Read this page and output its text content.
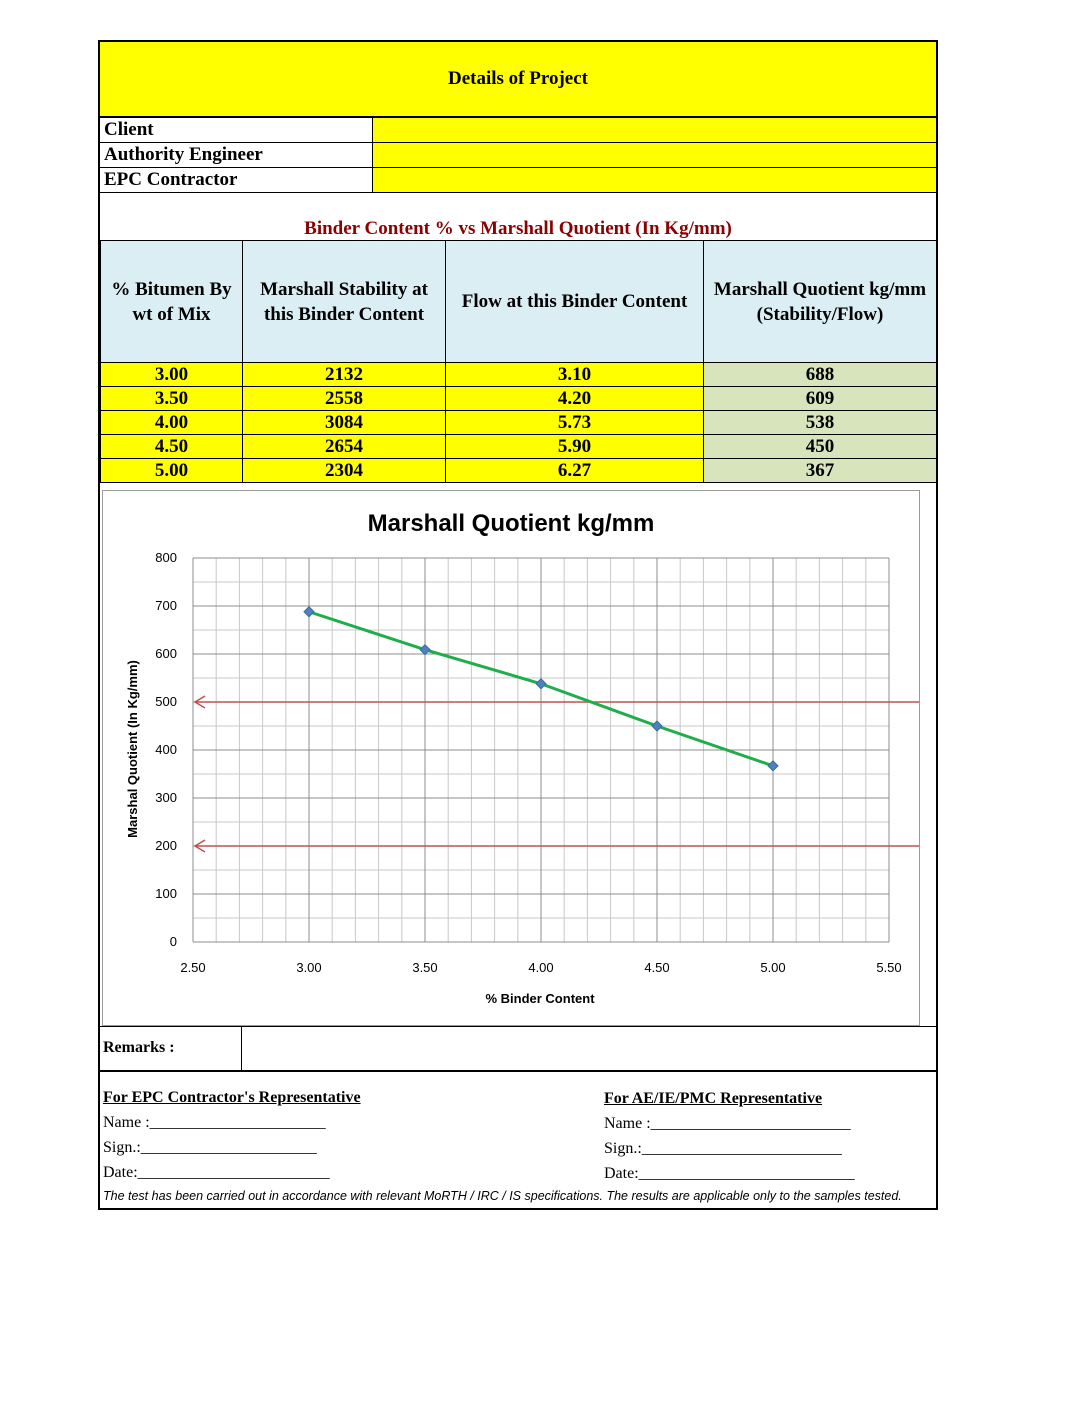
Details of Project
Client
Authority Engineer
EPC Contractor
Binder Content % vs Marshall Quotient (In Kg/mm)
% Bitumen By wt of Mix	Marshall Stability at this Binder Content	Flow at this Binder Content	Marshall Quotient kg/mm (Stability/Flow)
3.00	2132	3.10	688
3.50	2558	4.20	609
4.00	3084	5.73	538
4.50	2654	5.90	450
5.00	2304	6.27	367
Marshall Quotient kg/mm
0
100
200
300
400
500
600
700
800
2.50	3.00	3.50	4.00	4.50	5.00	5.50
% Binder Content
Marshal Quotient (In Kg/mm)
Remarks :
For EPC Contractor's Representative
Name :______________________
Sign.:______________________
Date:________________________
For AE/IE/PMC Representative
Name :_________________________
Sign.:_________________________
Date:___________________________
The test has been carried out in accordance with relevant MoRTH / IRC / IS specifications. The results are applicable only to the samples tested.
